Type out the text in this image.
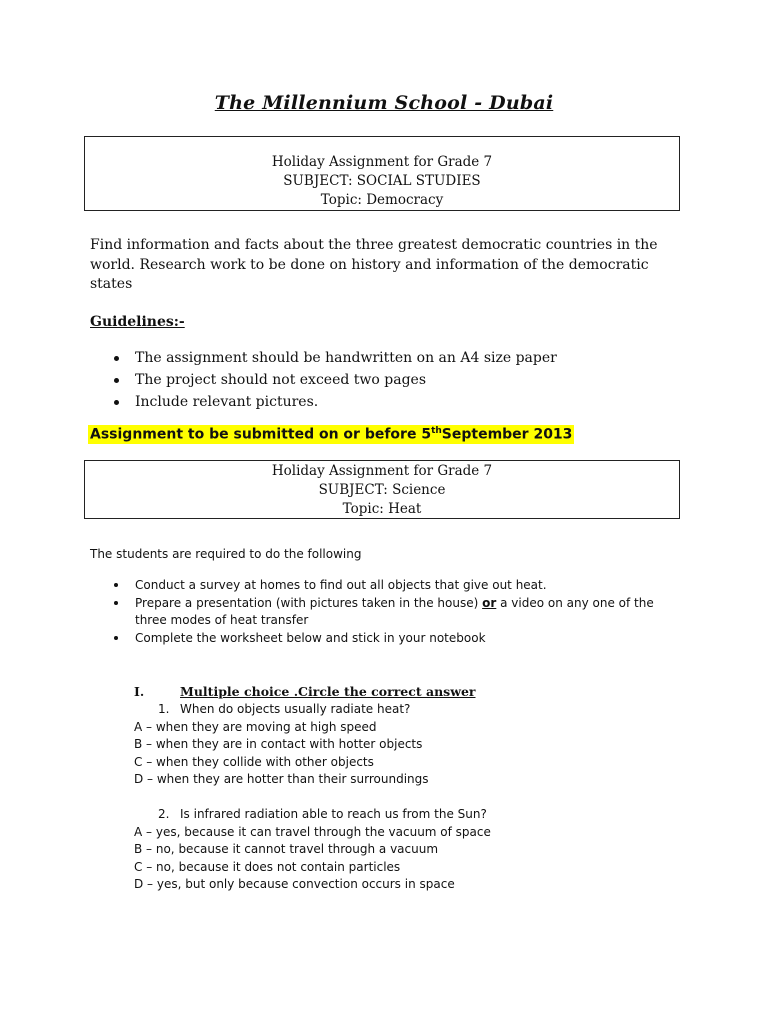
The Millennium School - Dubai
Holiday Assignment for Grade 7
SUBJECT: SOCIAL STUDIES
Topic: Democracy
Find information and facts about the three greatest democratic countries in the world. Research work to be done on history and information of the democratic states
Guidelines:-
The assignment should be handwritten on an A4 size paper
The project should not exceed two pages
Include relevant pictures.
Assignment to be submitted on or before 5thSeptember 2013
Holiday Assignment for Grade 7
SUBJECT: Science
Topic: Heat
The students are required to do the following
Conduct a survey at homes to find out all objects that give out heat.
Prepare a presentation (with pictures taken in the house) or a video on any one of the three modes of heat transfer
Complete the worksheet below and stick in your notebook
I.	Multiple choice .Circle the correct answer
1. When do objects usually radiate heat?
A – when they are moving at high speed
B – when they are in contact with hotter objects
C – when they collide with other objects
D – when they are hotter than their surroundings
2. Is infrared radiation able to reach us from the Sun?
A – yes, because it can travel through the vacuum of space
B – no, because it cannot travel through a vacuum
C – no, because it does not contain particles
D – yes, but only because convection occurs in space
